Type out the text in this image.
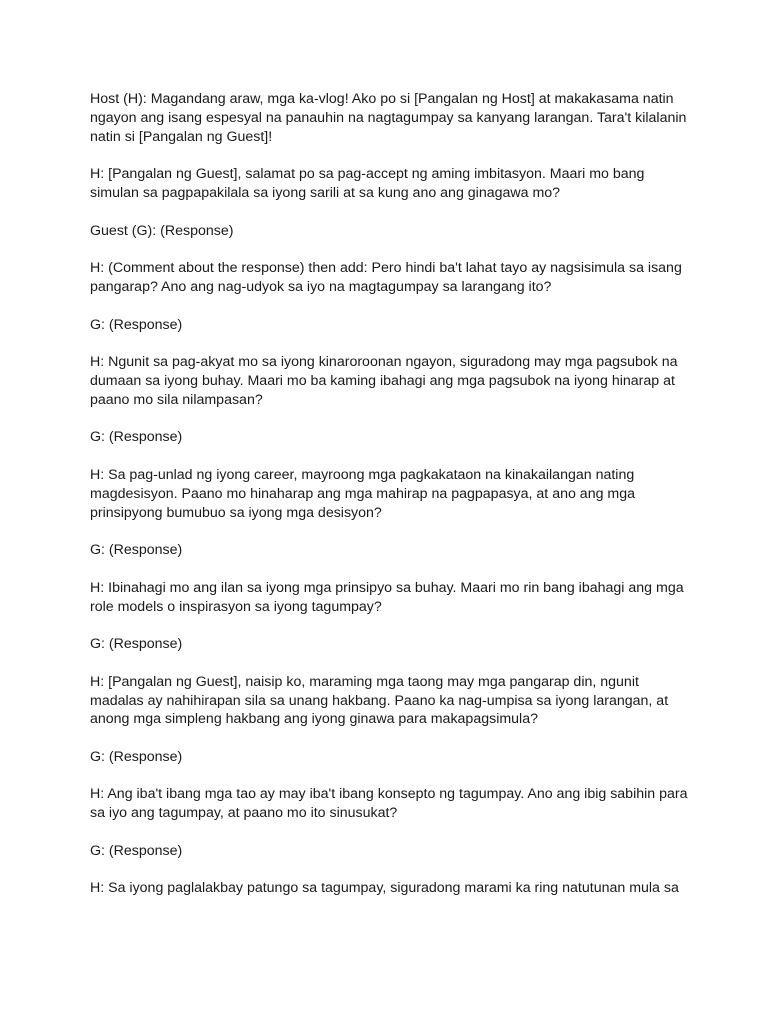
Host (H): Magandang araw, mga ka-vlog! Ako po si [Pangalan ng Host] at makakasama natin
ngayon ang isang espesyal na panauhin na nagtagumpay sa kanyang larangan. Tara't kilalanin
natin si [Pangalan ng Guest]!

H: [Pangalan ng Guest], salamat po sa pag-accept ng aming imbitasyon. Maari mo bang
simulan sa pagpapakilala sa iyong sarili at sa kung ano ang ginagawa mo?

Guest (G): (Response)

H: (Comment about the response) then add: Pero hindi ba't lahat tayo ay nagsisimula sa isang
pangarap? Ano ang nag-udyok sa iyo na magtagumpay sa larangang ito?

G: (Response)

H: Ngunit sa pag-akyat mo sa iyong kinaroroonan ngayon, siguradong may mga pagsubok na
dumaan sa iyong buhay. Maari mo ba kaming ibahagi ang mga pagsubok na iyong hinarap at
paano mo sila nilampasan?

G: (Response)

H: Sa pag-unlad ng iyong career, mayroong mga pagkakataon na kinakailangan nating
magdesisyon. Paano mo hinaharap ang mga mahirap na pagpapasya, at ano ang mga
prinsipyong bumubuo sa iyong mga desisyon?

G: (Response)

H: Ibinahagi mo ang ilan sa iyong mga prinsipyo sa buhay. Maari mo rin bang ibahagi ang mga
role models o inspirasyon sa iyong tagumpay?

G: (Response)

H: [Pangalan ng Guest], naisip ko, maraming mga taong may mga pangarap din, ngunit
madalas ay nahihirapan sila sa unang hakbang. Paano ka nag-umpisa sa iyong larangan, at
anong mga simpleng hakbang ang iyong ginawa para makapagsimula?

G: (Response)

H: Ang iba't ibang mga tao ay may iba't ibang konsepto ng tagumpay. Ano ang ibig sabihin para
sa iyo ang tagumpay, at paano mo ito sinusukat?

G: (Response)

H: Sa iyong paglalakbay patungo sa tagumpay, siguradong marami ka ring natutunan mula sa
